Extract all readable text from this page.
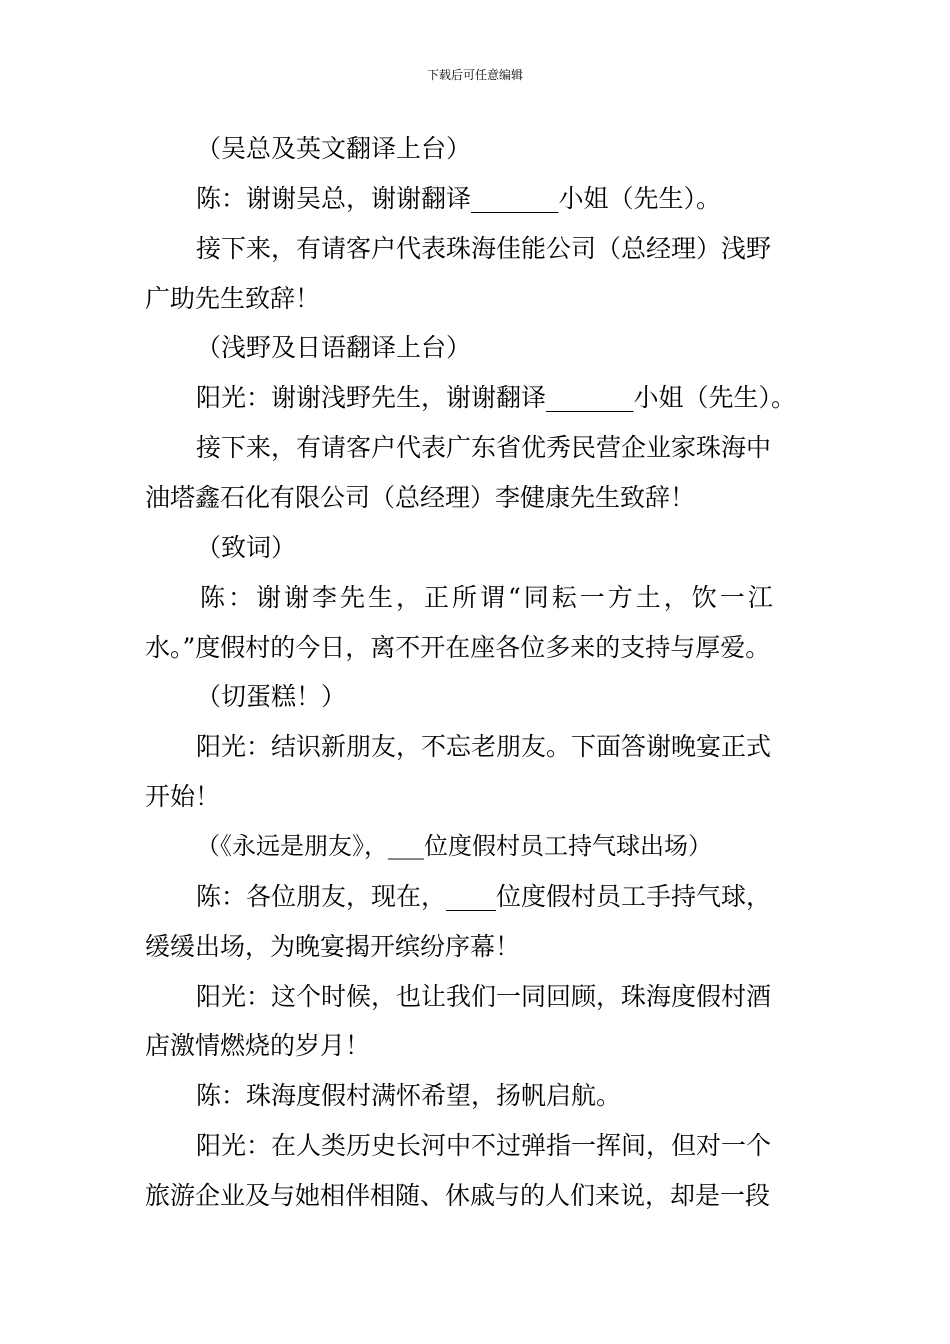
下载后可任意编辑
（吴总及英文翻译上台）
陈：谢谢吴总，谢谢翻译_______小姐（先生）。
接下来，有请客户代表珠海佳能公司（总经理）浅野
广助先生致辞！
（浅野及日语翻译上台）
阳光：谢谢浅野先生，谢谢翻译_______小姐（先生）。
接下来，有请客户代表广东省优秀民营企业家珠海中
油塔鑫石化有限公司（总经理）李健康先生致辞！
（致词）
陈：谢谢李先生，正所谓“同耘一方土，饮一江
水。”度假村的今日，离不开在座各位多来的支持与厚爱。
（切蛋糕！）
阳光：结识新朋友，不忘老朋友。下面答谢晚宴正式
开始！
（《永远是朋友》，___位度假村员工持气球出场）
陈：各位朋友，现在，____位度假村员工手持气球，
缓缓出场，为晚宴揭开缤纷序幕！
阳光：这个时候，也让我们一同回顾，珠海度假村酒
店激情燃烧的岁月！
陈：珠海度假村满怀希望，扬帆启航。
阳光：在人类历史长河中不过弹指一挥间，但对一个
旅游企业及与她相伴相随、休戚与的人们来说，却是一段
